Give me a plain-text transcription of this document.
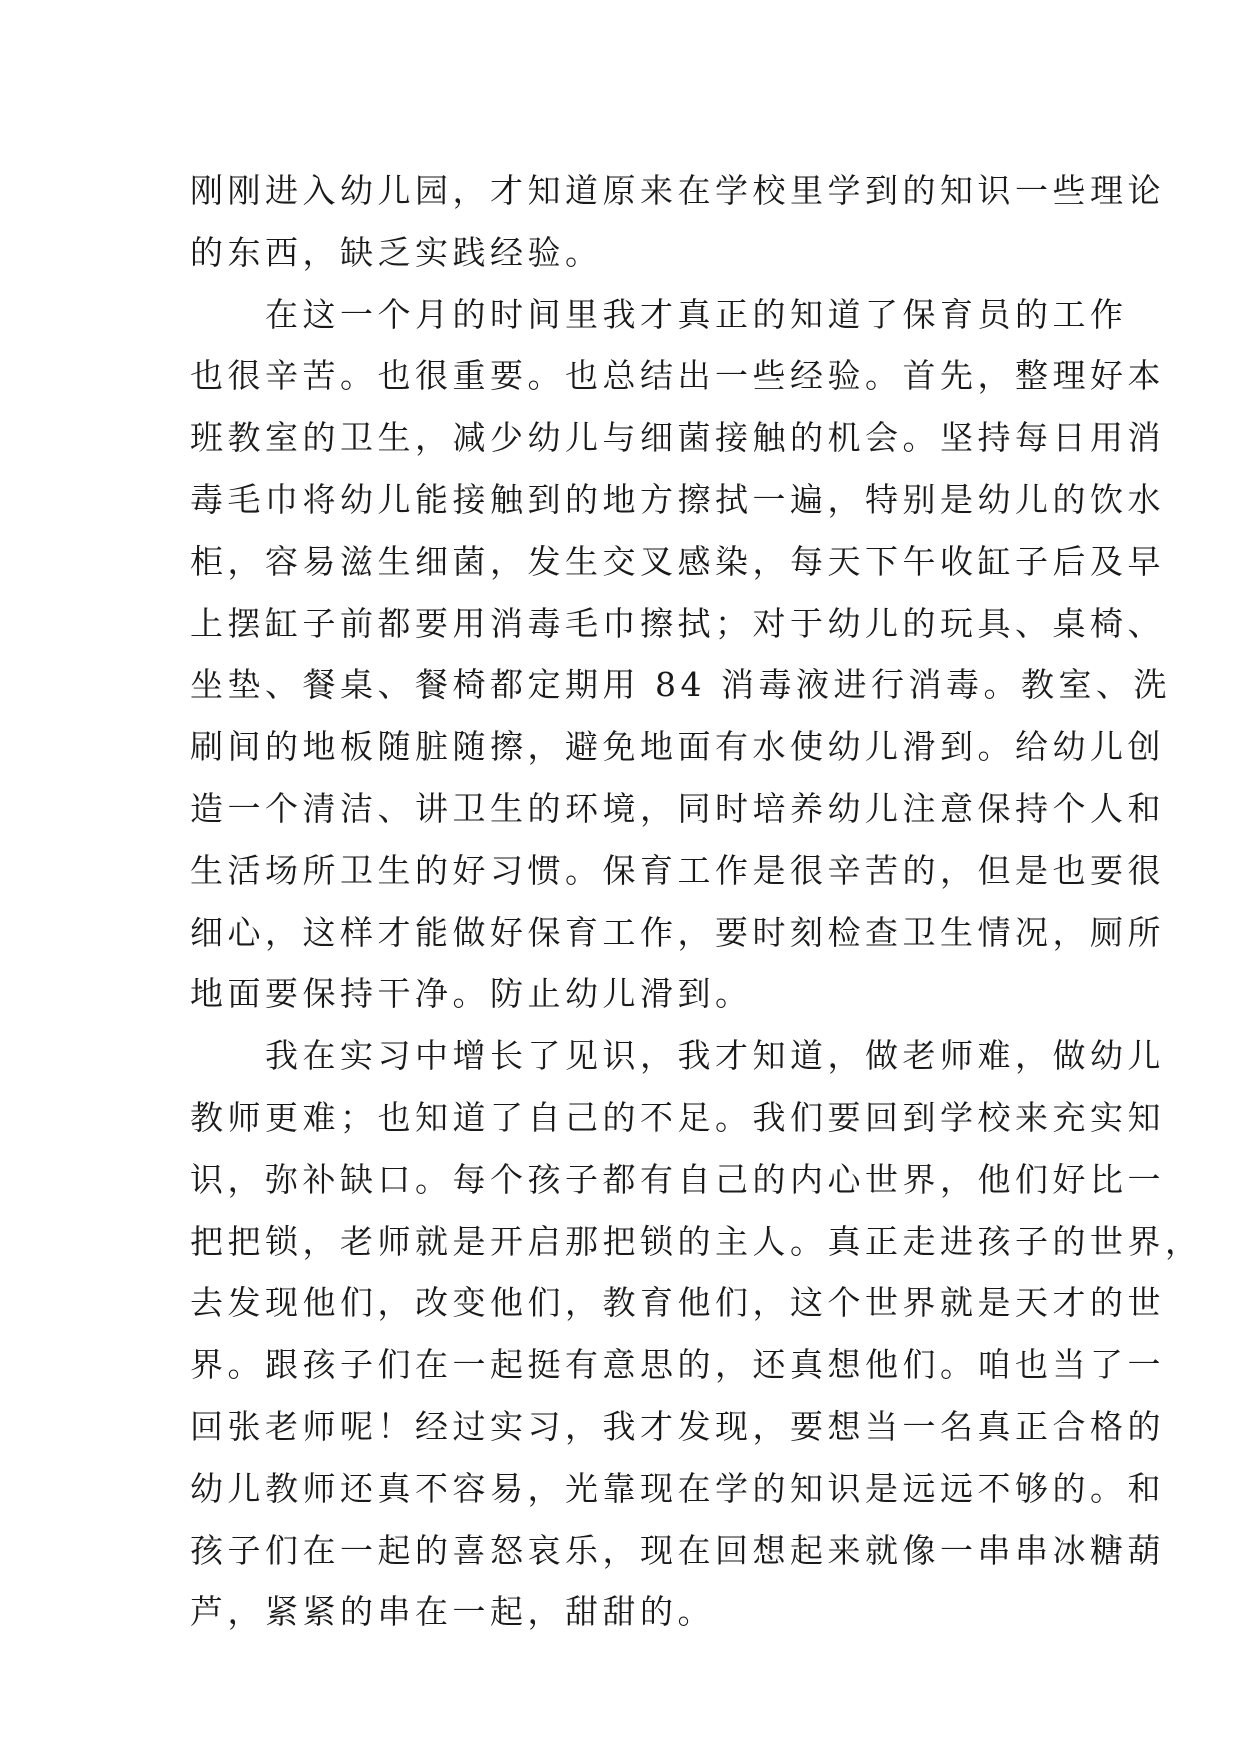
刚刚进入幼儿园，才知道原来在学校里学到的知识一些理论
的东西，缺乏实践经验。
　　在这一个月的时间里我才真正的知道了保育员的工作
也很辛苦。也很重要。也总结出一些经验。首先，整理好本
班教室的卫生，减少幼儿与细菌接触的机会。坚持每日用消
毒毛巾将幼儿能接触到的地方擦拭一遍，特别是幼儿的饮水
柜，容易滋生细菌，发生交叉感染，每天下午收缸子后及早
上摆缸子前都要用消毒毛巾擦拭；对于幼儿的玩具、桌椅、
坐垫、餐桌、餐椅都定期用 84 消毒液进行消毒。教室、洗
刷间的地板随脏随擦，避免地面有水使幼儿滑到。给幼儿创
造一个清洁、讲卫生的环境，同时培养幼儿注意保持个人和
生活场所卫生的好习惯。保育工作是很辛苦的，但是也要很
细心，这样才能做好保育工作，要时刻检查卫生情况，厕所
地面要保持干净。防止幼儿滑到。
　　我在实习中增长了见识，我才知道，做老师难，做幼儿
教师更难；也知道了自己的不足。我们要回到学校来充实知
识，弥补缺口。每个孩子都有自己的内心世界，他们好比一
把把锁，老师就是开启那把锁的主人。真正走进孩子的世界，
去发现他们，改变他们，教育他们，这个世界就是天才的世
界。跟孩子们在一起挺有意思的，还真想他们。咱也当了一
回张老师呢！经过实习，我才发现，要想当一名真正合格的
幼儿教师还真不容易，光靠现在学的知识是远远不够的。和
孩子们在一起的喜怒哀乐，现在回想起来就像一串串冰糖葫
芦，紧紧的串在一起，甜甜的。
